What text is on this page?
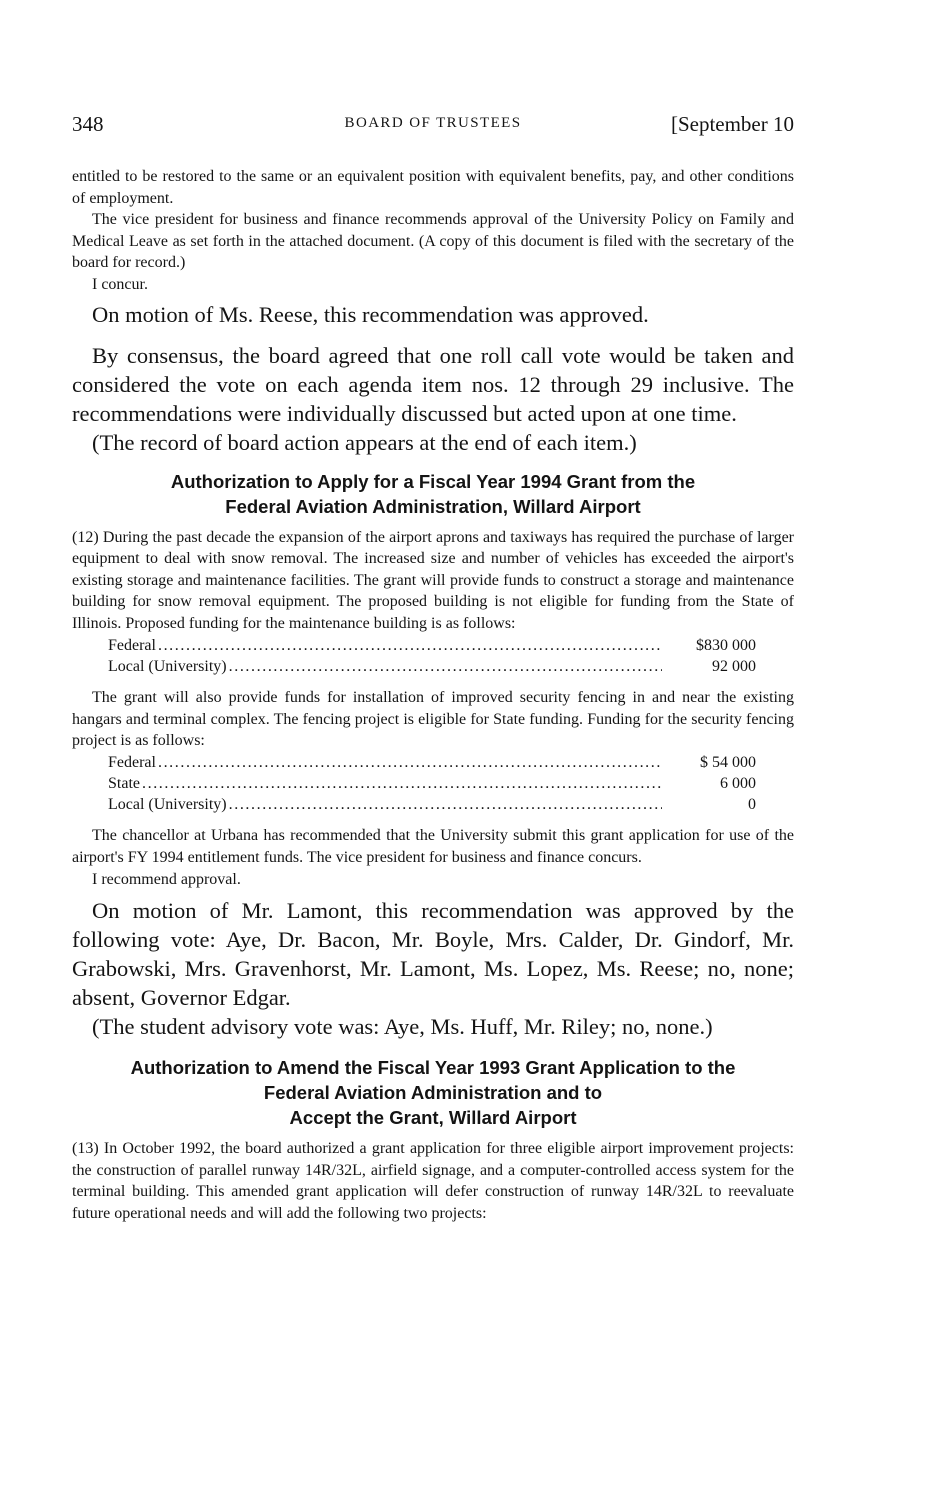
348	BOARD OF TRUSTEES	[September 10

entitled to be restored to the same or an equivalent position with equivalent benefits, pay, and other conditions of employment.

The vice president for business and finance recommends approval of the University Policy on Family and Medical Leave as set forth in the attached document. (A copy of this document is filed with the secretary of the board for record.)

I concur.

On motion of Ms. Reese, this recommendation was approved.

By consensus, the board agreed that one roll call vote would be taken and considered the vote on each agenda item nos. 12 through 29 inclusive. The recommendations were individually discussed but acted upon at one time.

(The record of board action appears at the end of each item.)

Authorization to Apply for a Fiscal Year 1994 Grant from the
Federal Aviation Administration, Willard Airport

(12) During the past decade the expansion of the airport aprons and taxiways has required the purchase of larger equipment to deal with snow removal. The increased size and number of vehicles has exceeded the airport's existing storage and maintenance facilities. The grant will provide funds to construct a storage and maintenance building for snow removal equipment. The proposed building is not eligible for funding from the State of Illinois. Proposed funding for the maintenance building is as follows:

Federal . . .	$830 000
Local (University) . . .	92 000

The grant will also provide funds for installation of improved security fencing in and near the existing hangars and terminal complex. The fencing project is eligible for State funding. Funding for the security fencing project is as follows:

Federal . . .	$ 54 000
State . . .	6 000
Local (University) . . .	0

The chancellor at Urbana has recommended that the University submit this grant application for use of the airport's FY 1994 entitlement funds. The vice president for business and finance concurs.

I recommend approval.

On motion of Mr. Lamont, this recommendation was approved by the following vote: Aye, Dr. Bacon, Mr. Boyle, Mrs. Calder, Dr. Gindorf, Mr. Grabowski, Mrs. Gravenhorst, Mr. Lamont, Ms. Lopez, Ms. Reese; no, none; absent, Governor Edgar.

(The student advisory vote was: Aye, Ms. Huff, Mr. Riley; no, none.)

Authorization to Amend the Fiscal Year 1993 Grant Application to the
Federal Aviation Administration and to
Accept the Grant, Willard Airport

(13) In October 1992, the board authorized a grant application for three eligible airport improvement projects: the construction of parallel runway 14R/32L, airfield signage, and a computer-controlled access system for the terminal building. This amended grant application will defer construction of runway 14R/32L to reevaluate future operational needs and will add the following two projects:
